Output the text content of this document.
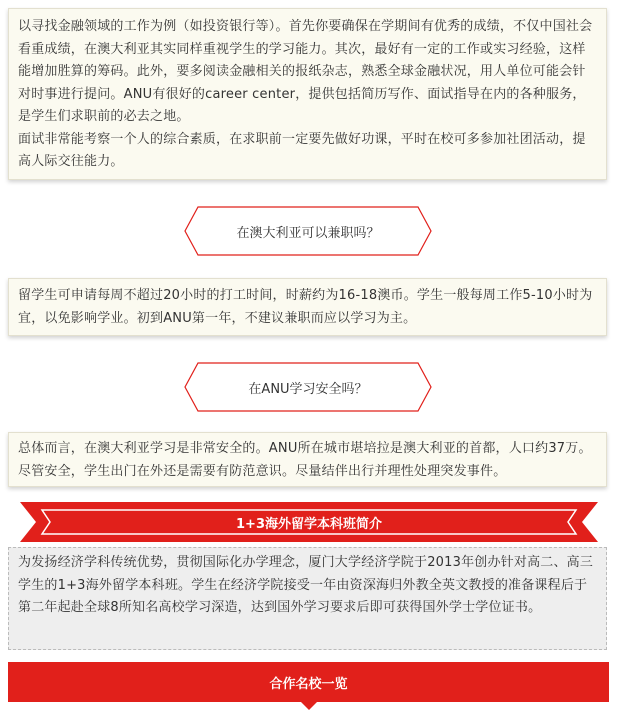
以寻找金融领域的工作为例（如投资银行等）。首先你要确保在学期间有优秀的成绩，不仅中国社会看重成绩，在澳大利亚其实同样重视学生的学习能力。其次，最好有一定的工作或实习经验，这样能增加胜算的筹码。此外，要多阅读金融相关的报纸杂志，熟悉全球金融状况，用人单位可能会针对时事进行提问。ANU有很好的career center，提供包括简历写作、面试指导在内的各种服务，是学生们求职前的必去之地。

面试非常能考察一个人的综合素质，在求职前一定要先做好功课，平时在校可多参加社团活动，提高人际交往能力。

在澳大利亚可以兼职吗？

留学生可申请每周不超过20小时的打工时间，时薪约为16-18澳币。学生一般每周工作5-10小时为宜，以免影响学业。初到ANU第一年，不建议兼职而应以学习为主。

在ANU学习安全吗？

总体而言，在澳大利亚学习是非常安全的。ANU所在城市堪培拉是澳大利亚的首都，人口约37万。尽管安全，学生出门在外还是需要有防范意识。尽量结伴出行并理性处理突发事件。

1+3海外留学本科班简介

为发扬经济学科传统优势，贯彻国际化办学理念，厦门大学经济学院于2013年创办针对高二、高三学生的1+3海外留学本科班。学生在经济学院接受一年由资深海归外教全英文教授的准备课程后于第二年起赴全球8所知名高校学习深造，达到国外学习要求后即可获得国外学士学位证书。

合作名校一览
